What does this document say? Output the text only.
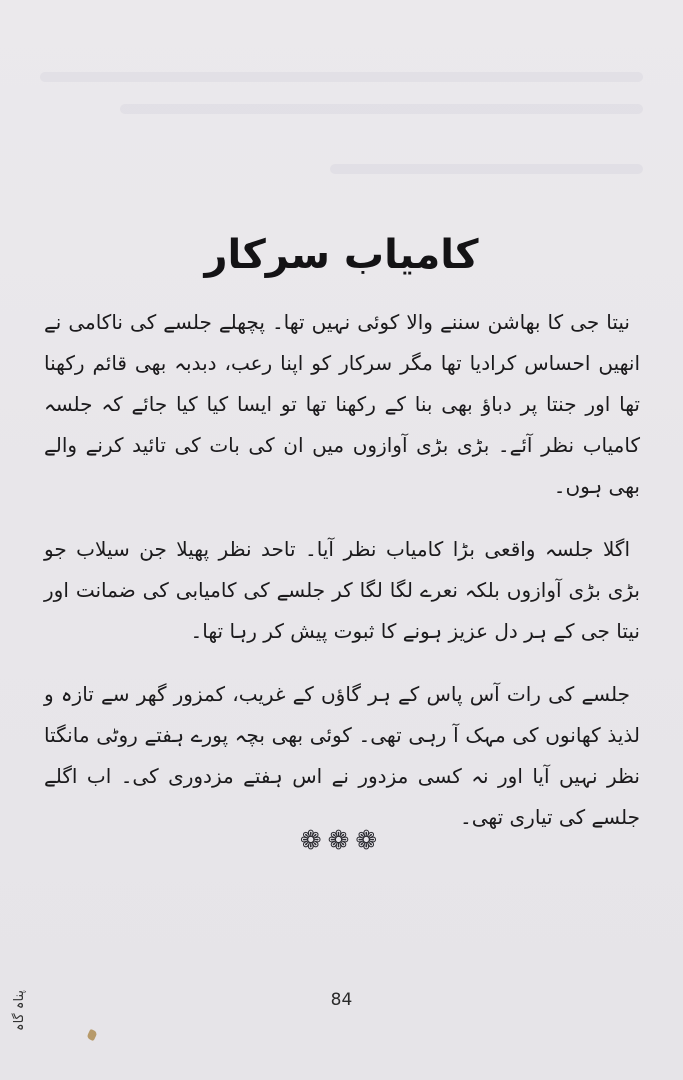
کامیاب سرکار

نیتا جی کا بھاشن سننے والا کوئی نہیں تھا۔ پچھلے جلسے کی ناکامی نے انھیں احساس کرادیا تھا مگر سرکار کو اپنا رعب، دبدبہ بھی قائم رکھنا تھا اور جنتا پر دباؤ بھی بنا کے رکھنا تھا تو ایسا کیا کیا جائے کہ جلسہ کامیاب نظر آئے۔ بڑی بڑی آوازوں میں ان کی بات کی تائید کرنے والے بھی ہوں۔

اگلا جلسہ واقعی بڑا کامیاب نظر آیا۔ تاحد نظر پھیلا جن سیلاب جو بڑی بڑی آوازوں بلکہ نعرے لگا لگا کر جلسے کی کامیابی کی ضمانت اور نیتا جی کے ہر دل عزیز ہونے کا ثبوت پیش کر رہا تھا۔

جلسے کی رات آس پاس کے ہر گاؤں کے غریب، کمزور گھر سے تازہ و لذیذ کھانوں کی مہک آ رہی تھی۔ کوئی بھی بچہ پورے ہفتے روٹی مانگتا نظر نہیں آیا اور نہ کسی مزدور نے اس ہفتے مزدوری کی۔ اب اگلے جلسے کی تیاری تھی۔

❁❁❁
84
پناہ گاہ
